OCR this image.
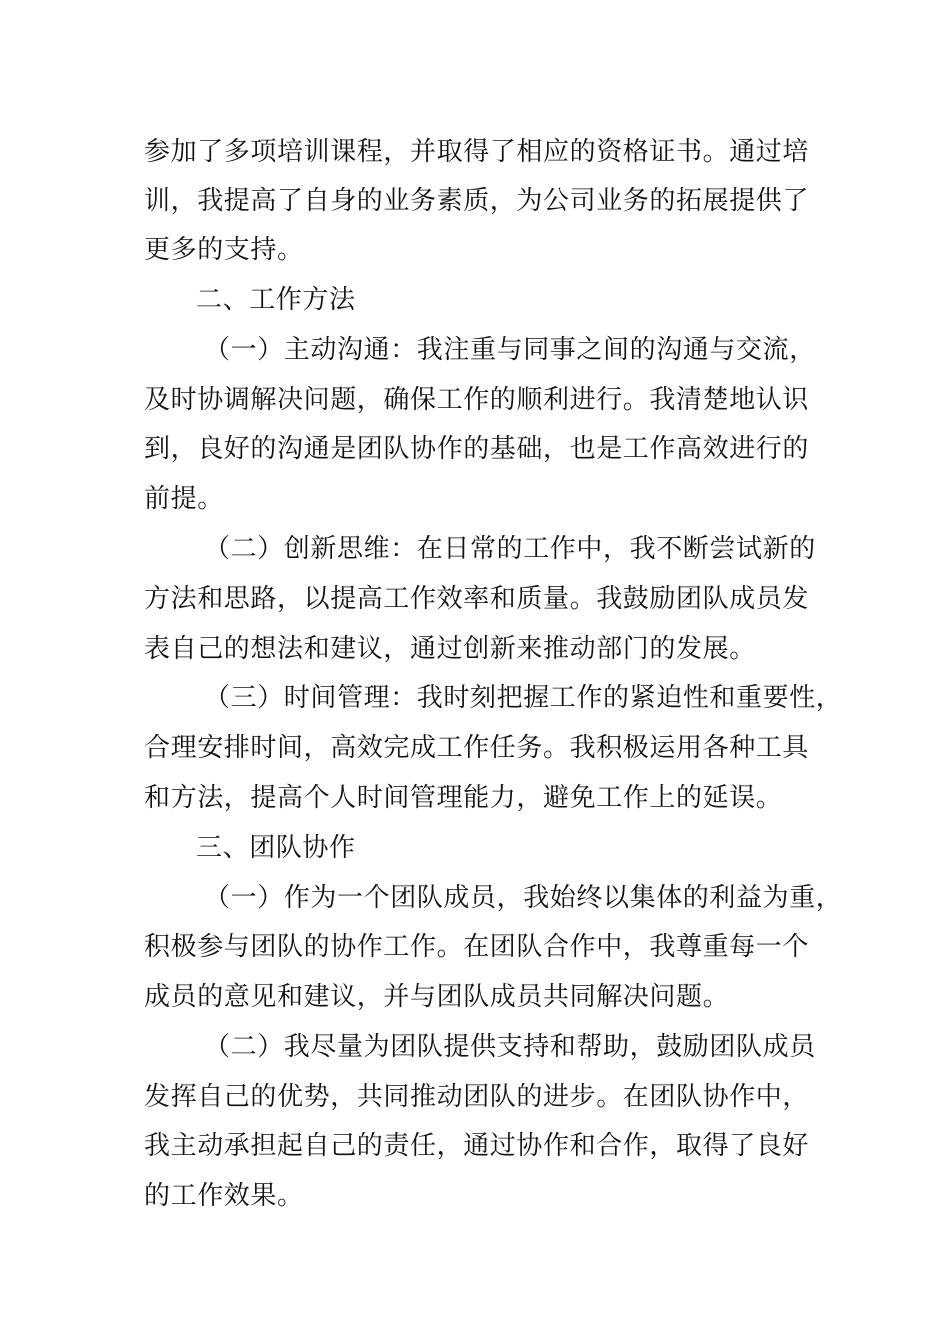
参加了多项培训课程，并取得了相应的资格证书。通过培
训，我提高了自身的业务素质，为公司业务的拓展提供了
更多的支持。
二、工作方法
（一）主动沟通：我注重与同事之间的沟通与交流，
及时协调解决问题，确保工作的顺利进行。我清楚地认识
到，良好的沟通是团队协作的基础，也是工作高效进行的
前提。
（二）创新思维：在日常的工作中，我不断尝试新的
方法和思路，以提高工作效率和质量。我鼓励团队成员发
表自己的想法和建议，通过创新来推动部门的发展。
（三）时间管理：我时刻把握工作的紧迫性和重要性，
合理安排时间，高效完成工作任务。我积极运用各种工具
和方法，提高个人时间管理能力，避免工作上的延误。
三、团队协作
（一）作为一个团队成员，我始终以集体的利益为重，
积极参与团队的协作工作。在团队合作中，我尊重每一个
成员的意见和建议，并与团队成员共同解决问题。
（二）我尽量为团队提供支持和帮助，鼓励团队成员
发挥自己的优势，共同推动团队的进步。在团队协作中，
我主动承担起自己的责任，通过协作和合作，取得了良好
的工作效果。
